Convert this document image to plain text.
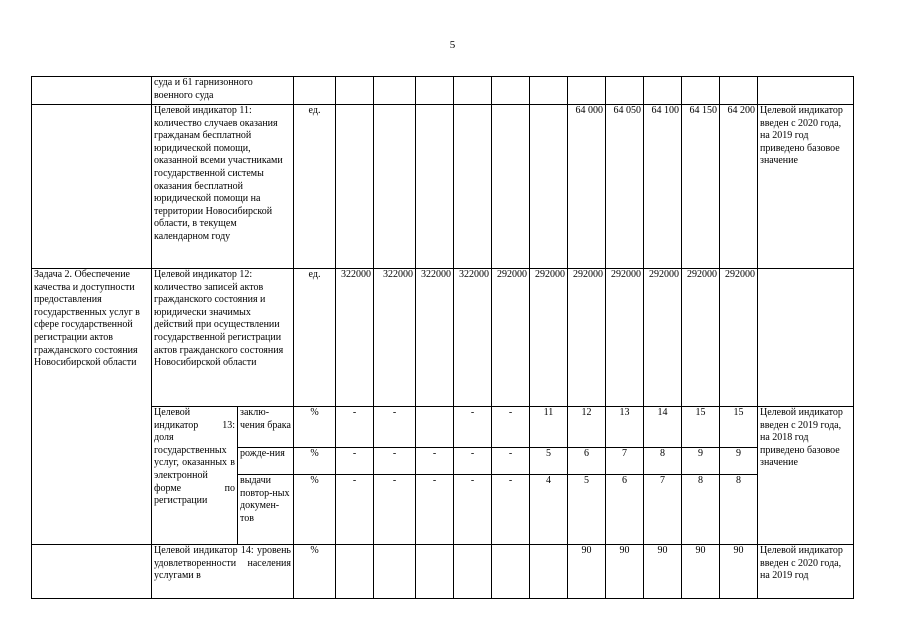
5
	суда и 61 гарнизонного военного суда														
	Целевой индикатор 11: количество случаев оказания гражданам бесплатной юридической помощи, оказанной всеми участниками государственной системы оказания бесплатной юридической помощи на территории Новосибирской области, в текущем календарном году		ед.							64 000	64 050	64 100	64 150	64 200	Целевой индикатор введен с 2020 года, на 2019 год приведено базовое значение
Задача 2. Обеспечение качества и доступности предоставления государственных услуг в сфере государственной регистрации актов гражданского состояния Новосибирской области	Целевой индикатор 12: количество записей актов гражданского состояния и юридически значимых действий при осуществлении государственной регистрации актов гражданского состояния Новосибирской области		ед.	322000	322000	322000	322000	292000	292000	292000	292000	292000	292000	292000	
	Целевой индикатор 13: доля государственных услуг, оказанных в электронной форме по регистрации	заклю-чения брака	%	-	-		-	-	11	12	13	14	15	15	Целевой индикатор введен с 2019 года, на 2018 год приведено базовое значение
		рожде-ния	%	-	-	-	-	-	5	6	7	8	9	9	
		выдачи повтор-ных докумен-тов	%	-	-	-	-	-	4	5	6	7	8	8	
	Целевой индикатор 14: уровень удовлетворенности населения услугами в		%							90	90	90	90	90	Целевой индикатор введен с 2020 года, на 2019 год
